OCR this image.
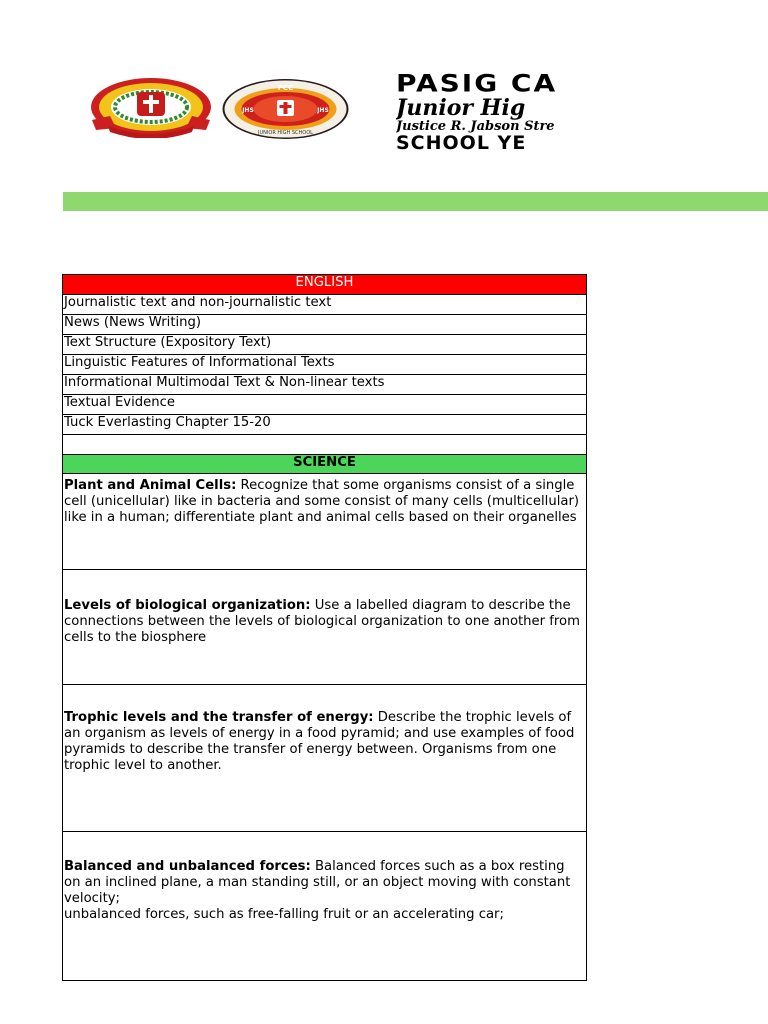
PCC
JHS	JHS
JUNIOR HIGH SCHOOL
PASIG CA
Junior Hig
Justice R. Jabson Stre
SCHOOL YE
ENGLISH
Journalistic text and non-journalistic text
News (News Writing)
Text Structure (Expository Text)
Linguistic Features of Informational Texts
Informational Multimodal Text & Non-linear texts
Textual Evidence
Tuck Everlasting Chapter 15-20

SCIENCE
Plant and Animal Cells: Recognize that some organisms consist of a single cell (unicellular) like in bacteria and some consist of many cells (multicellular) like in a human; differentiate plant and animal cells based on their organelles
Levels of biological organization: Use a labelled diagram to describe the connections between the levels of biological organization to one another from cells to the biosphere
Trophic levels and the transfer of energy: Describe the trophic levels of an organism as levels of energy in a food pyramid; and use examples of food pyramids to describe the transfer of energy between. Organisms from one trophic level to another.
Balanced and unbalanced forces: Balanced forces such as a box resting on an inclined plane, a man standing still, or an object moving with constant velocity;
unbalanced forces, such as free-falling fruit or an accelerating car;
